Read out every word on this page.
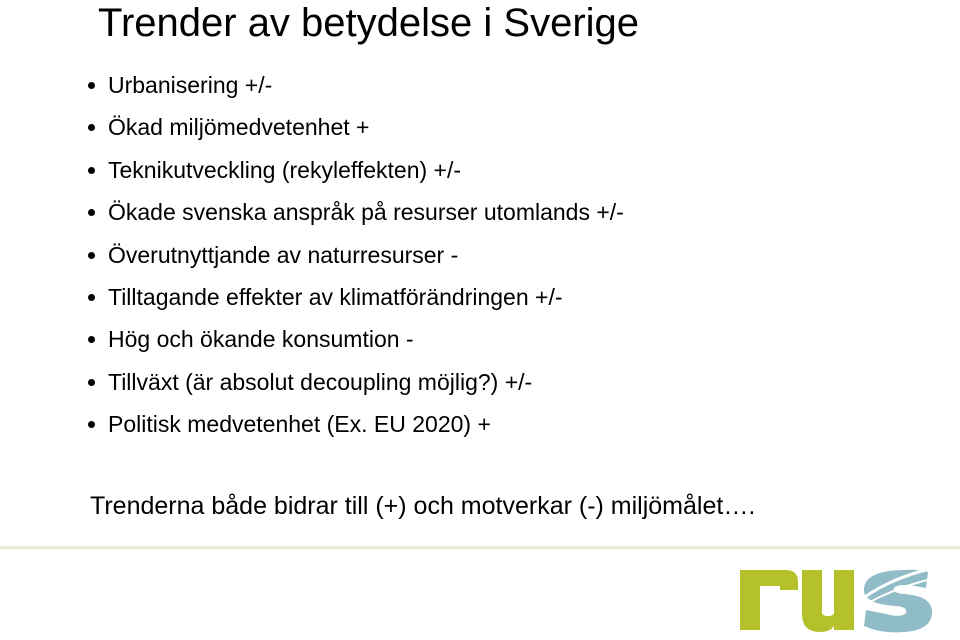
Trender av betydelse i Sverige
Urbanisering +/-
Ökad miljömedvetenhet +
Teknikutveckling (rekyleffekten) +/-
Ökade svenska anspråk på resurser utomlands +/-
Överutnyttjande av naturresurser -
Tilltagande effekter av klimatförändringen +/-
Hög och ökande konsumtion -
Tillväxt (är absolut decoupling möjlig?) +/-
Politisk medvetenhet (Ex. EU 2020) +
Trenderna både bidrar till (+) och motverkar (-) miljömålet….
